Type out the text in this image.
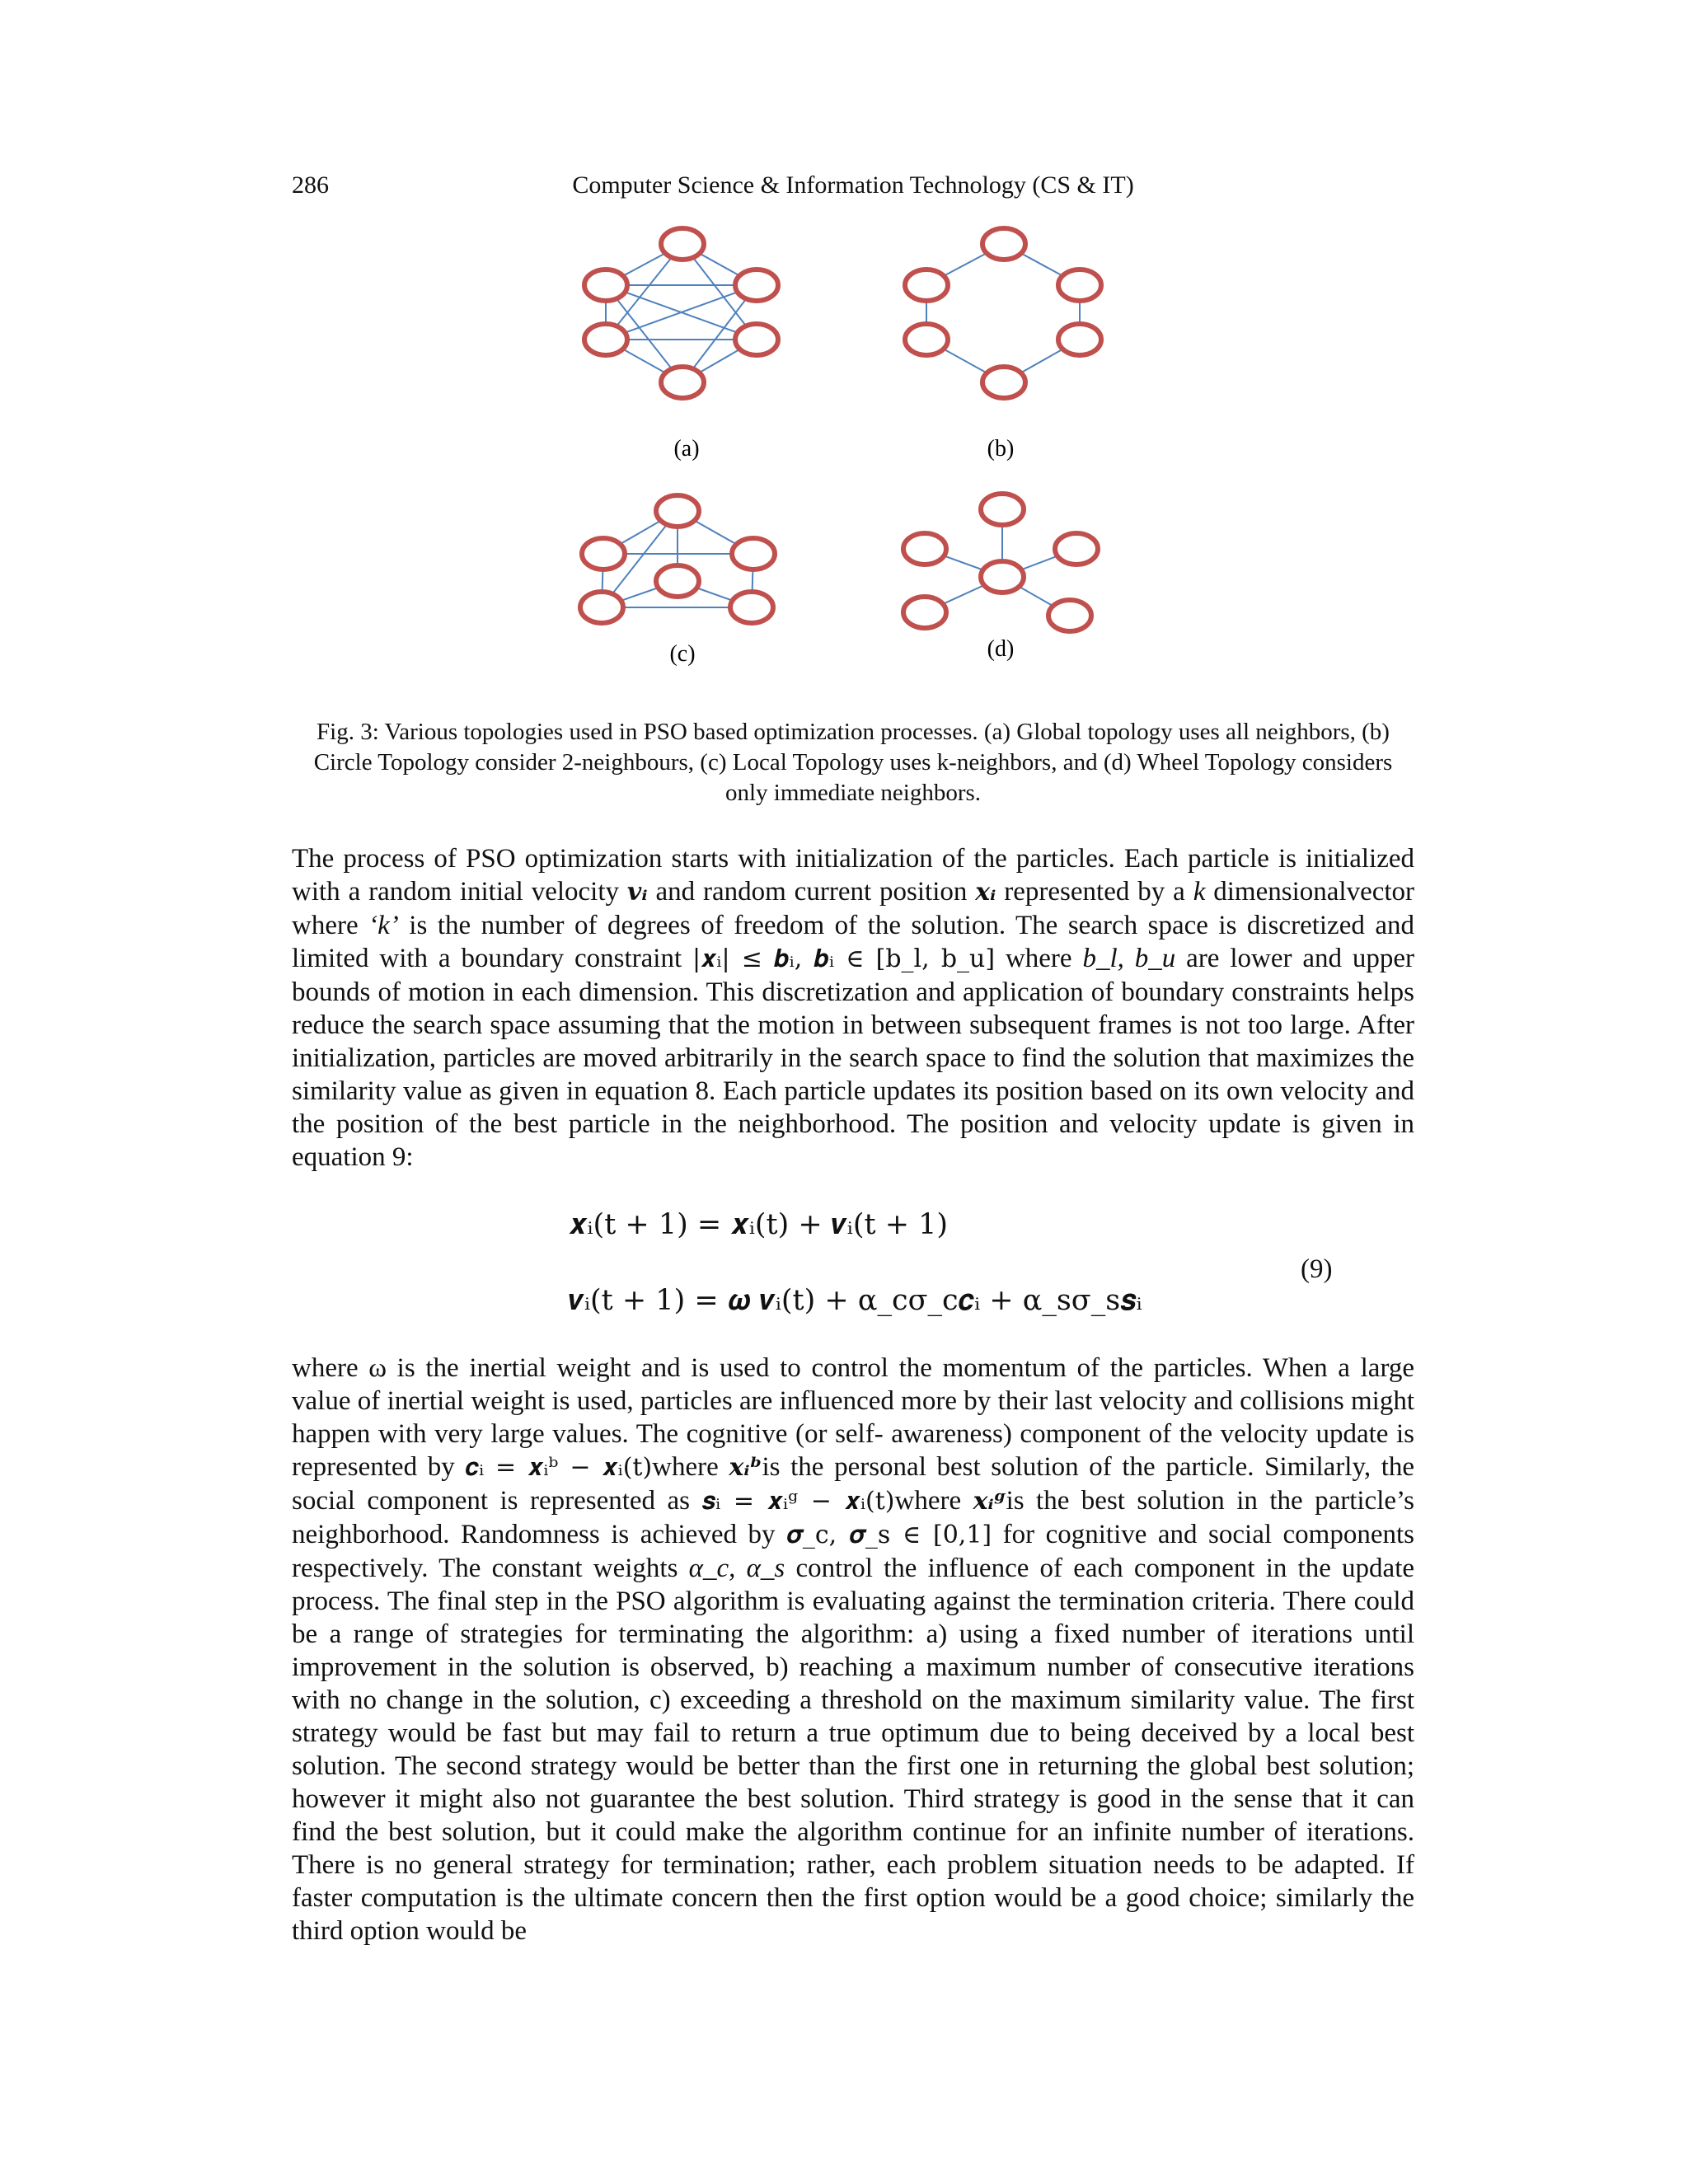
286	Computer Science & Information Technology (CS & IT)
(a)	(b)
(c)	(d)
Fig. 3: Various topologies used in PSO based optimization processes. (a) Global topology uses all neighbors, (b) Circle Topology consider 2-neighbours, (c) Local Topology uses k-neighbors, and (d) Wheel Topology considers only immediate neighbors.

The process of PSO optimization starts with initialization of the particles. Each particle is initialized with a random initial velocity 𝒗ᵢ and random current position 𝒙ᵢ represented by a k dimensionalvector where ‘k’ is the number of degrees of freedom of the solution. The search space is discretized and limited with a boundary constraint |𝒙ᵢ| ≤ 𝒃ᵢ, 𝒃ᵢ ∈ [b_l, b_u] where b_l, b_u are lower and upper bounds of motion in each dimension. This discretization and application of boundary constraints helps reduce the search space assuming that the motion in between subsequent frames is not too large. After initialization, particles are moved arbitrarily in the search space to find the solution that maximizes the similarity value as given in equation 8. Each particle updates its position based on its own velocity and the position of the best particle in the neighborhood. The position and velocity update is given in equation 9:

𝒙ᵢ(t + 1) = 𝒙ᵢ(t) + 𝒗ᵢ(t + 1)
𝒗ᵢ(t + 1) = 𝝎 𝒗ᵢ(t) + α_cσ_c𝒄ᵢ + α_sσ_s𝒔ᵢ
(9)

where ω is the inertial weight and is used to control the momentum of the particles. When a large value of inertial weight is used, particles are influenced more by their last velocity and collisions might happen with very large values. The cognitive (or self- awareness) component of the velocity update is represented by 𝒄ᵢ = 𝒙ᵢᵇ − 𝒙ᵢ(t)where 𝒙ᵢᵇis the personal best solution of the particle. Similarly, the social component is represented as 𝒔ᵢ = 𝒙ᵢᵍ − 𝒙ᵢ(t)where 𝒙ᵢᵍis the best solution in the particle’s neighborhood. Randomness is achieved by 𝝈_c, 𝝈_s ∈ [0,1] for cognitive and social components respectively. The constant weights α_c, α_s control the influence of each component in the update process. The final step in the PSO algorithm is evaluating against the termination criteria. There could be a range of strategies for terminating the algorithm: a) using a fixed number of iterations until improvement in the solution is observed, b) reaching a maximum number of consecutive iterations with no change in the solution, c) exceeding a threshold on the maximum similarity value. The first strategy would be fast but may fail to return a true optimum due to being deceived by a local best solution. The second strategy would be better than the first one in returning the global best solution; however it might also not guarantee the best solution. Third strategy is good in the sense that it can find the best solution, but it could make the algorithm continue for an infinite number of iterations. There is no general strategy for termination; rather, each problem situation needs to be adapted. If faster computation is the ultimate concern then the first option would be a good choice; similarly the third option would be
